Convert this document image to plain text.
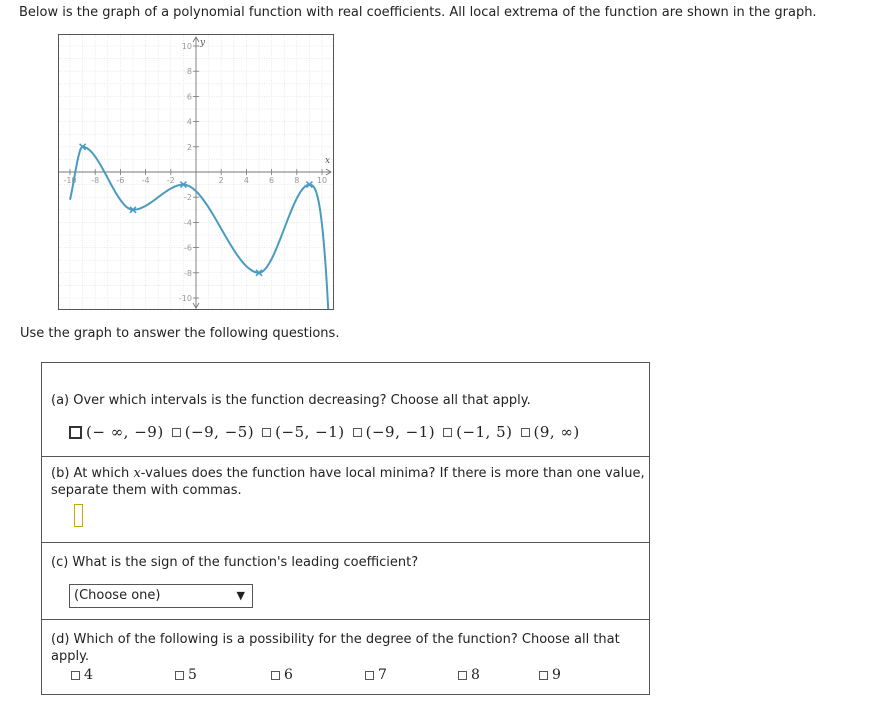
Below is the graph of a polynomial function with real coefficients. All local extrema of the function are shown in the graph.
-10 -8 -6 -4 -2	2	4	6	8 10
10
8
6
4
2
-2
-4
-6
-8
-10
x
y
Use the graph to answer the following questions.
(a) Over which intervals is the function decreasing? Choose all that apply.
(− ∞, −9) (−9, −5) (−5, −1) (−9, −1) (−1, 5) (9, ∞)
(b) At which x-values does the function have local minima? If there is more than one value, separate them with commas.
(c) What is the sign of the function's leading coefficient?
(Choose one)	▼
(d) Which of the following is a possibility for the degree of the function? Choose all that apply.
4	5	6	7	8	9
